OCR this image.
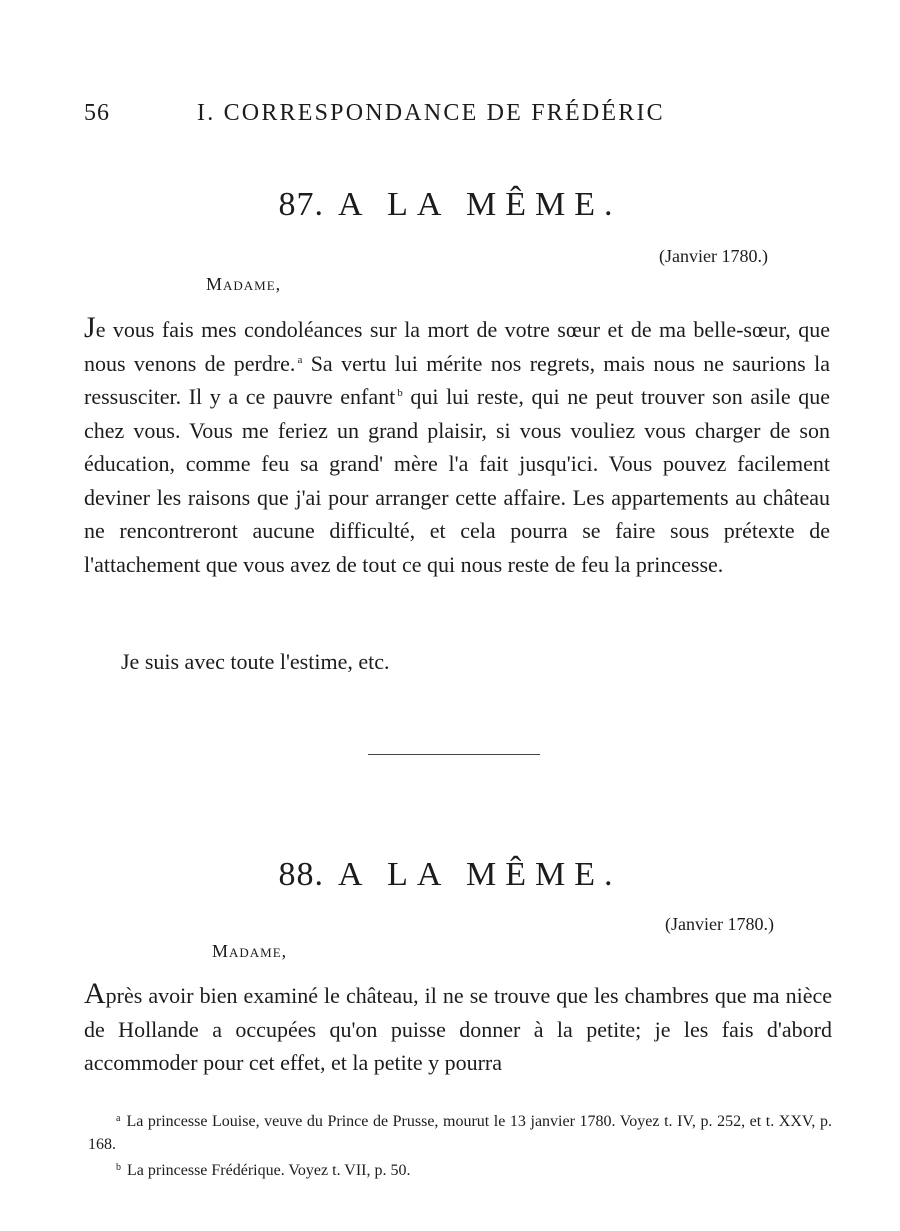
56	I. CORRESPONDANCE DE FRÉDÉRIC
87. A LA MÊME.
(Janvier 1780.)
Madame,

Je vous fais mes condoléances sur la mort de votre sœur et de ma belle-sœur, que nous venons de perdre. $^a$ Sa vertu lui mérite nos regrets, mais nous ne saurions la ressusciter. Il y a ce pauvre enfant $^b$ qui lui reste, qui ne peut trouver son asile que chez vous. Vous me feriez un grand plaisir, si vous vouliez vous charger de son éducation, comme feu sa grand' mère l'a fait jusqu'ici. Vous pouvez facilement deviner les raisons que j'ai pour arranger cette affaire. Les appartements au château ne rencontreront aucune difficulté, et cela pourra se faire sous prétexte de l'attachement que vous avez de tout ce qui nous reste de feu la princesse.

Je suis avec toute l'estime, etc.
88. A LA MÊME.
(Janvier 1780.)
Madame,

Après avoir bien examiné le château, il ne se trouve que les chambres que ma nièce de Hollande a occupées qu'on puisse donner à la petite; je les fais d'abord accommoder pour cet effet, et la petite y pourra

$^a$ La princesse Louise, veuve du Prince de Prusse, mourut le 13 janvier 1780. Voyez t. IV, p. 252, et t. XXV, p. 168.

$^b$ La princesse Frédérique. Voyez t. VII, p. 50.
